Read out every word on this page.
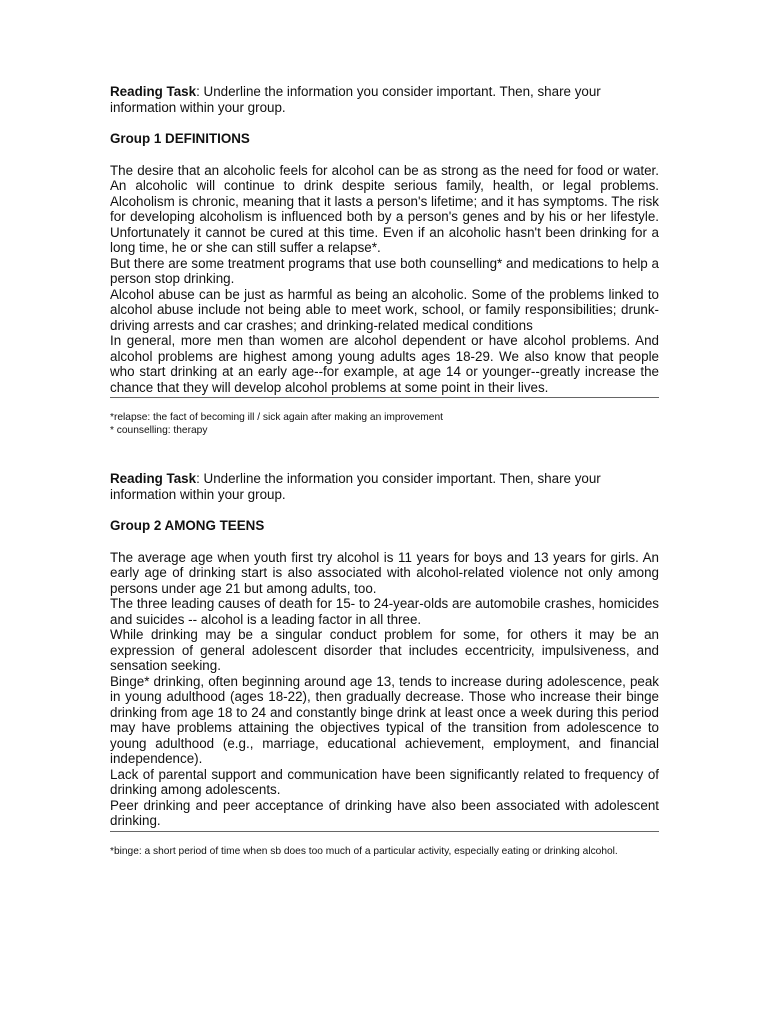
Reading Task: Underline the information you consider important. Then, share your information within your group.

Group 1 DEFINITIONS

The desire that an alcoholic feels for alcohol can be as strong as the need for food or water. An alcoholic will continue to drink despite serious family, health, or legal problems. Alcoholism is chronic, meaning that it lasts a person's lifetime; and it has symptoms. The risk for developing alcoholism is influenced both by a person's genes and by his or her lifestyle. Unfortunately it cannot be cured at this time. Even if an alcoholic hasn't been drinking for a long time, he or she can still suffer a relapse*.

But there are some treatment programs that use both counselling* and medications to help a person stop drinking.

Alcohol abuse can be just as harmful as being an alcoholic. Some of the problems linked to alcohol abuse include not being able to meet work, school, or family responsibilities; drunk-driving arrests and car crashes; and drinking-related medical conditions

In general, more men than women are alcohol dependent or have alcohol problems. And alcohol problems are highest among young adults ages 18-29. We also know that people who start drinking at an early age--for example, at age 14 or younger--greatly increase the chance that they will develop alcohol problems at some point in their lives.

*relapse: the fact of becoming ill / sick again after making an improvement

* counselling: therapy

Reading Task: Underline the information you consider important. Then, share your information within your group.

Group 2 AMONG TEENS

The average age when youth first try alcohol is 11 years for boys and 13 years for girls. An early age of drinking start is also associated with alcohol-related violence not only among persons under age 21 but among adults, too.

The three leading causes of death for 15- to 24-year-olds are automobile crashes, homicides and suicides -- alcohol is a leading factor in all three.

While drinking may be a singular conduct problem for some, for others it may be an expression of general adolescent disorder that includes eccentricity, impulsiveness, and sensation seeking.

Binge* drinking, often beginning around age 13, tends to increase during adolescence, peak in young adulthood (ages 18-22), then gradually decrease. Those who increase their binge drinking from age 18 to 24 and constantly binge drink at least once a week during this period may have problems attaining the objectives typical of the transition from adolescence to young adulthood (e.g., marriage, educational achievement, employment, and financial independence).

Lack of parental support and communication have been significantly related to frequency of drinking among adolescents.

Peer drinking and peer acceptance of drinking have also been associated with adolescent drinking.

*binge: a short period of time when sb does too much of a particular activity, especially eating or drinking alcohol.
